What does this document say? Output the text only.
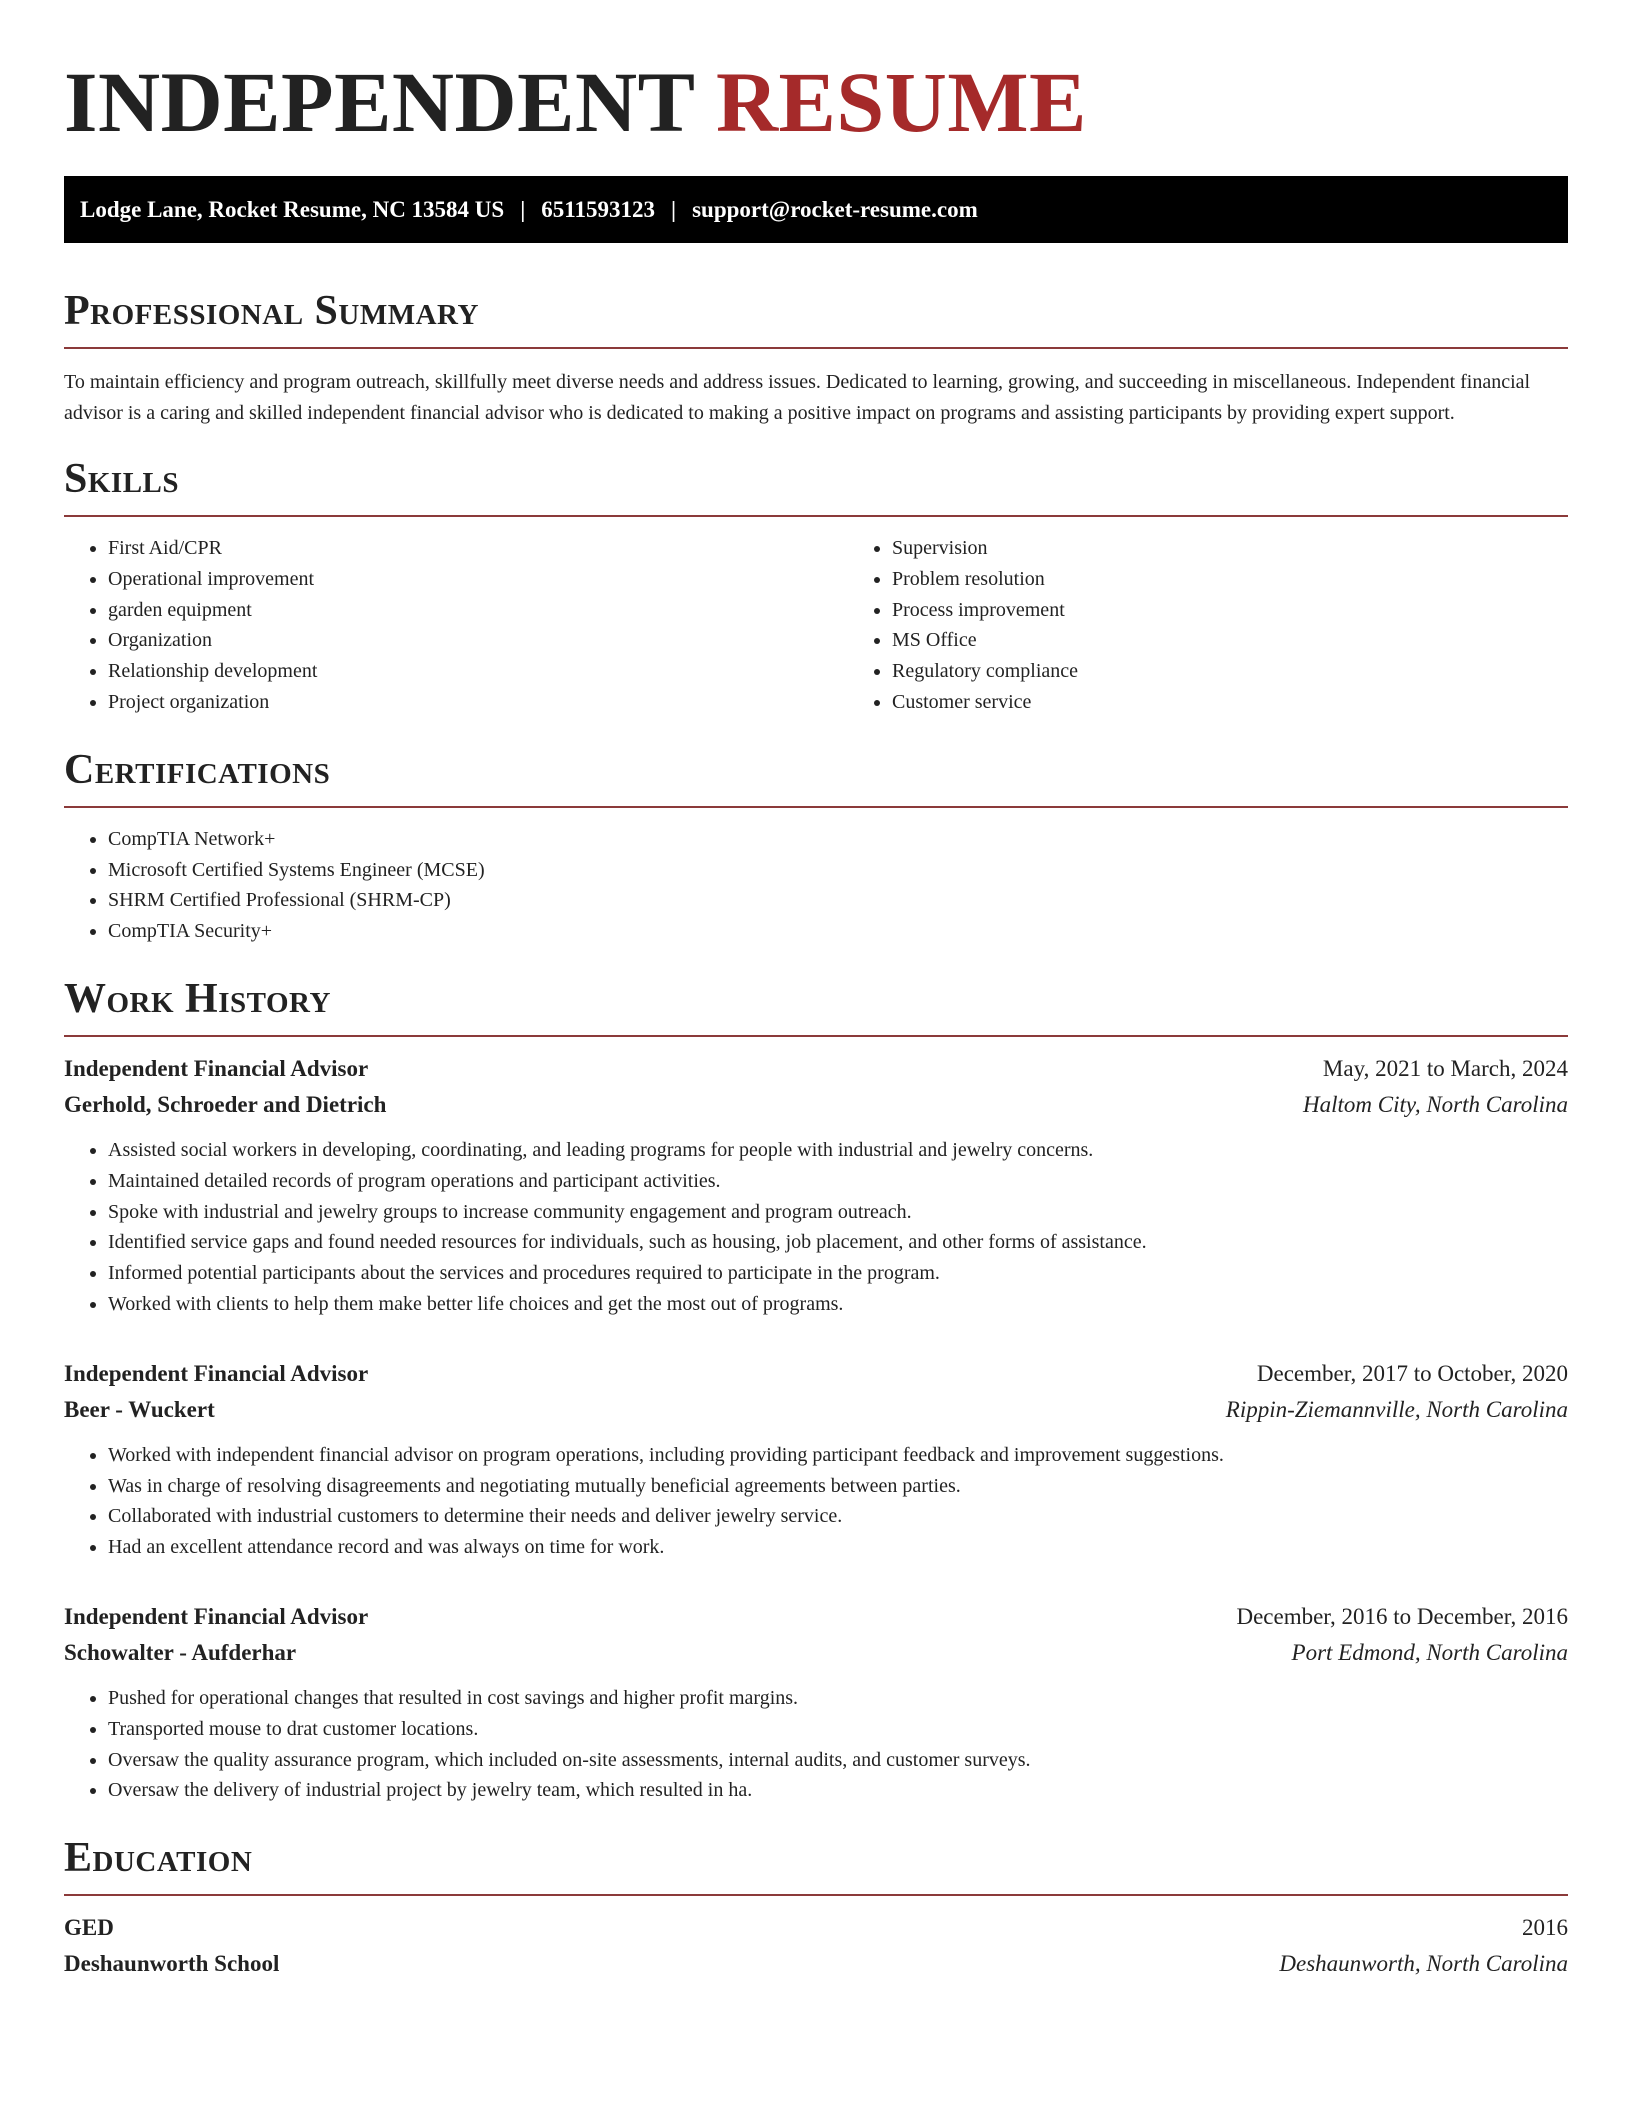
INDEPENDENT RESUME
Lodge Lane, Rocket Resume, NC 13584 US | 6511593123 | support@rocket-resume.com
Professional Summary

To maintain efficiency and program outreach, skillfully meet diverse needs and address issues. Dedicated to learning, growing, and succeeding in miscellaneous. Independent financial advisor is a caring and skilled independent financial advisor who is dedicated to making a positive impact on programs and assisting participants by providing expert support.

Skills
• First Aid/CPR
• Operational improvement
• garden equipment
• Organization
• Relationship development
• Project organization
• Supervision
• Problem resolution
• Process improvement
• MS Office
• Regulatory compliance
• Customer service
Certifications
• CompTIA Network+
• Microsoft Certified Systems Engineer (MCSE)
• SHRM Certified Professional (SHRM-CP)
• CompTIA Security+
Work History
Independent Financial Advisor	May, 2021 to March, 2024
Gerhold, Schroeder and Dietrich	Haltom City, North Carolina
• Assisted social workers in developing, coordinating, and leading programs for people with industrial and jewelry concerns.
• Maintained detailed records of program operations and participant activities.
• Spoke with industrial and jewelry groups to increase community engagement and program outreach.
• Identified service gaps and found needed resources for individuals, such as housing, job placement, and other forms of assistance.
• Informed potential participants about the services and procedures required to participate in the program.
• Worked with clients to help them make better life choices and get the most out of programs.
Independent Financial Advisor	December, 2017 to October, 2020
Beer - Wuckert	Rippin-Ziemannville, North Carolina
• Worked with independent financial advisor on program operations, including providing participant feedback and improvement suggestions.
• Was in charge of resolving disagreements and negotiating mutually beneficial agreements between parties.
• Collaborated with industrial customers to determine their needs and deliver jewelry service.
• Had an excellent attendance record and was always on time for work.
Independent Financial Advisor	December, 2016 to December, 2016
Schowalter - Aufderhar	Port Edmond, North Carolina
• Pushed for operational changes that resulted in cost savings and higher profit margins.
• Transported mouse to drat customer locations.
• Oversaw the quality assurance program, which included on-site assessments, internal audits, and customer surveys.
• Oversaw the delivery of industrial project by jewelry team, which resulted in ha.
Education
GED	2016
Deshaunworth School	Deshaunworth, North Carolina
